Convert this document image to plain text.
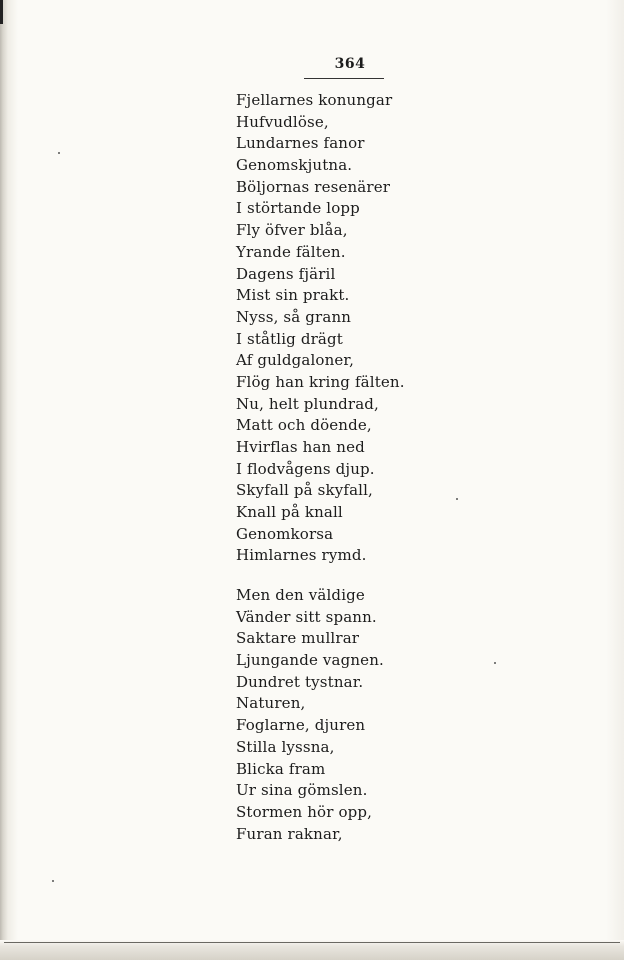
364
Fjellarnes konungar
Hufvudlöse,
Lundarnes fanor
Genomskjutna.
Böljornas resenärer
I störtande lopp
Fly öfver blåa,
Yrande fälten.
Dagens fjäril
Mist sin prakt.
Nyss, så grann
I ståtlig drägt
Af guldgaloner,
Flög han kring fälten.
Nu, helt plundrad,
Matt och döende,
Hvirflas han ned
I flodvågens djup.
Skyfall på skyfall,
Knall på knall
Genomkorsa
Himlarnes rymd.
Men den väldige
Vänder sitt spann.
Saktare mullrar
Ljungande vagnen.
Dundret tystnar.
Naturen,
Foglarne, djuren
Stilla lyssna,
Blicka fram
Ur sina gömslen.
Stormen hör opp,
Furan raknar,
